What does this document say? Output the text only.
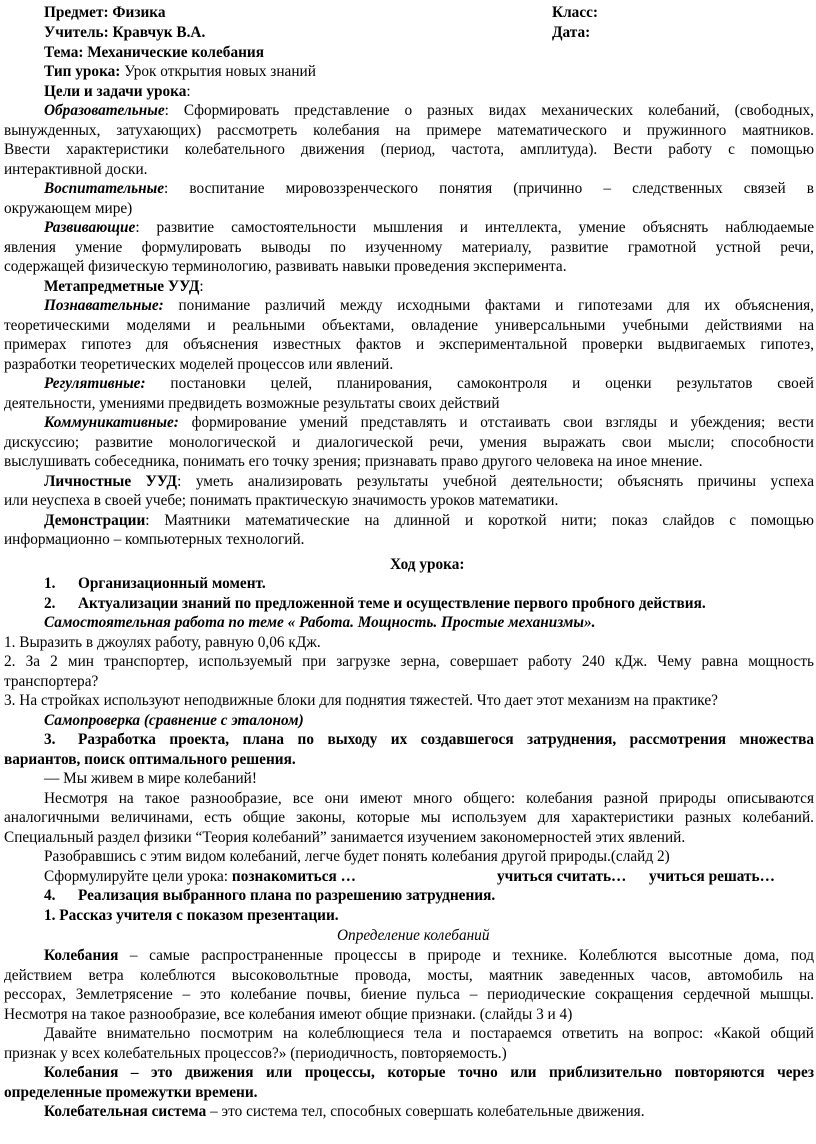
Предмет: Физика	Класс:
Учитель: Кравчук В.А.	Дата:
Тема: Механические колебания
Тип урока: Урок открытия новых знаний
Цели и задачи урока:
Образовательные: Сформировать представление о разных видах механических колебаний, (свободных,
вынужденных, затухающих) рассмотреть колебания на примере математического и пружинного маятников.
Ввести характеристики колебательного движения (период, частота, амплитуда). Вести работу с помощью
интерактивной доски.
Воспитательные: воспитание мировоззренческого понятия (причинно – следственных связей в
окружающем мире)
Развивающие: развитие самостоятельности мышления и интеллекта, умение объяснять наблюдаемые
явления умение формулировать выводы по изученному материалу, развитие грамотной устной речи,
содержащей физическую терминологию, развивать навыки проведения эксперимента.
Метапредметные УУД:
Познавательные: понимание различий между исходными фактами и гипотезами для их объяснения,
теоретическими моделями и реальными объектами, овладение универсальными учебными действиями на
примерах гипотез для объяснения известных фактов и экспериментальной проверки выдвигаемых гипотез,
разработки теоретических моделей процессов или явлений.
Регулятивные: постановки целей, планирования, самоконтроля и оценки результатов своей
деятельности, умениями предвидеть возможные результаты своих действий
Коммуникативные: формирование умений представлять и отстаивать свои взгляды и убеждения; вести
дискуссию; развитие монологической и диалогической речи, умения выражать свои мысли; способности
выслушивать собеседника, понимать его точку зрения; признавать право другого человека на иное мнение.
Личностные УУД: уметь анализировать результаты учебной деятельности; объяснять причины успеха
или неуспеха в своей учебе; понимать практическую значимость уроков математики.
Демонстрации: Маятники математические на длинной и короткой нити; показ слайдов с помощью
информационно – компьютерных технологий.
Ход урока:
1. Организационный момент.
2. Актуализации знаний по предложенной теме и осуществление первого пробного действия.
Самостоятельная работа по теме « Работа. Мощность. Простые механизмы».
1. Выразить в джоулях работу, равную 0,06 кДж.
2. За 2 мин транспортер, используемый при загрузке зерна, совершает работу 240 кДж. Чему равна мощность
транспортера?
3. На стройках используют неподвижные блоки для поднятия тяжестей. Что дает этот механизм на практике?
Самопроверка (сравнение с эталоном)
3. Разработка проекта, плана по выходу их создавшегося затруднения, рассмотрения множества
вариантов, поиск оптимального решения.
— Мы живем в мире колебаний!
Несмотря на такое разнообразие, все они имеют много общего: колебания разной природы описываются
аналогичными величинами, есть общие законы, которые мы используем для характеристики разных колебаний.
Специальный раздел физики “Теория колебаний” занимается изучением закономерностей этих явлений.
Разобравшись с этим видом колебаний, легче будет понять колебания другой природы.(слайд 2)
Сформулируйте цели урока: познакомиться …	учиться считать… учиться решать…
4. Реализация выбранного плана по разрешению затруднения.
1. Рассказ учителя с показом презентации.
Определение колебаний
Колебания – самые распространенные процессы в природе и технике. Колеблются высотные дома, под
действием ветра колеблются высоковольтные провода, мосты, маятник заведенных часов, автомобиль на
рессорах, Землетрясение – это колебание почвы, биение пульса – периодические сокращения сердечной мышцы.
Несмотря на такое разнообразие, все колебания имеют общие признаки. (слайды 3 и 4)
Давайте внимательно посмотрим на колеблющиеся тела и постараемся ответить на вопрос: «Какой общий
признак у всех колебательных процессов?» (периодичность, повторяемость.)
Колебания – это движения или процессы, которые точно или приблизительно повторяются через
определенные промежутки времени.
Колебательная система – это система тел, способных совершать колебательные движения.
